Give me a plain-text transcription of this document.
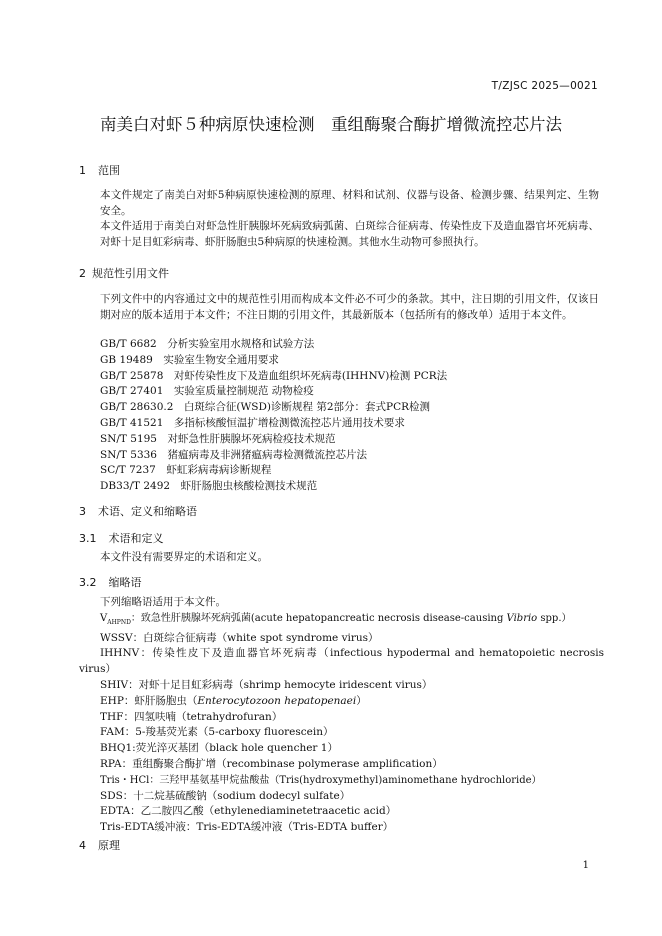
T/ZJSC 2025—0021
南美白对虾５种病原快速检测　重组酶聚合酶扩增微流控芯片法
1 范围
本文件规定了南美白对虾5种病原快速检测的原理、材料和试剂、仪器与设备、检测步骤、结果判定、生物安全。
本文件适用于南美白对虾急性肝胰腺坏死病致病弧菌、白斑综合征病毒、传染性皮下及造血器官坏死病毒、对虾十足目虹彩病毒、虾肝肠胞虫5种病原的快速检测。其他水生动物可参照执行。
2 规范性引用文件
下列文件中的内容通过文中的规范性引用而构成本文件必不可少的条款。其中，注日期的引用文件，仅该日期对应的版本适用于本文件；不注日期的引用文件，其最新版本（包括所有的修改单）适用于本文件。
GB/T 6682　分析实验室用水规格和试验方法
GB 19489　实验室生物安全通用要求
GB/T 25878　对虾传染性皮下及造血组织坏死病毒(IHHNV)检测 PCR法
GB/T 27401　实验室质量控制规范 动物检疫
GB/T 28630.2　白斑综合征(WSD)诊断规程 第2部分：套式PCR检测
GB/T 41521　多指标核酸恒温扩增检测微流控芯片通用技术要求
SN/T 5195　对虾急性肝胰腺坏死病检疫技术规范
SN/T 5336　猪瘟病毒及非洲猪瘟病毒检测微流控芯片法
SC/T 7237　虾虹彩病毒病诊断规程
DB33/T 2492　虾肝肠胞虫核酸检测技术规范
3 术语、定义和缩略语
3.1 术语和定义
本文件没有需要界定的术语和定义。
3.2 缩略语
下列缩略语适用于本文件。
$V_{AHPND}$：致急性肝胰腺坏死病弧菌(acute hepatopancreatic necrosis disease-causing Vibrio spp.）
WSSV：白斑综合征病毒（white spot syndrome virus）
IHHNV：传染性皮下及造血器官坏死病毒（infectious hypodermal and hematopoietic necrosis virus）
SHIV：对虾十足目虹彩病毒（shrimp hemocyte iridescent virus）
EHP：虾肝肠胞虫（Enterocytozoon hepatopenaei）
THF：四氢呋喃（tetrahydrofuran）
FAM：5-羧基荧光素（5-carboxy fluorescein）
BHQ1:荧光淬灭基团（black hole quencher 1）
RPA：重组酶聚合酶扩增（recombinase polymerase amplification）
Tris・HCl：三羟甲基氨基甲烷盐酸盐（Tris(hydroxymethyl)aminomethane hydrochloride）
SDS：十二烷基硫酸钠（sodium dodecyl sulfate）
EDTA：乙二胺四乙酸（ethylenediaminetetraacetic acid）
Tris-EDTA缓冲液：Tris-EDTA缓冲液（Tris-EDTA buffer）
4 原理
1
